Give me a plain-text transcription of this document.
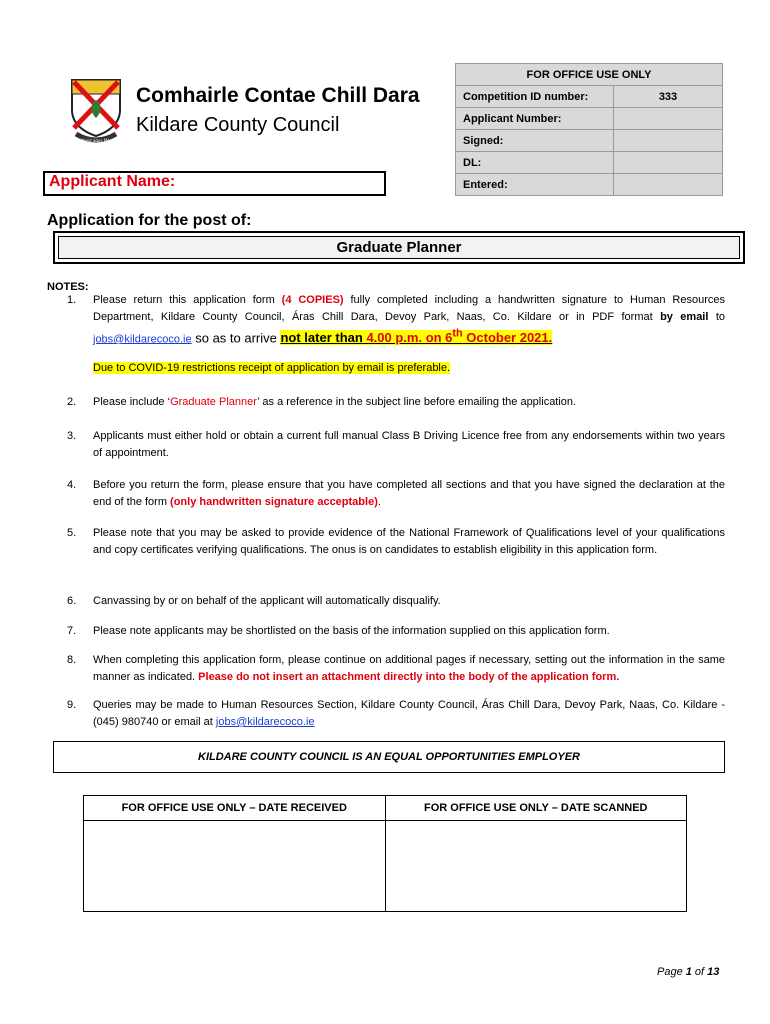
Meitheal agus Mórtas
Comhairle Contae Chill Dara
Kildare County Council
FOR OFFICE USE ONLY	
Competition ID number:	333
Applicant Number:	
Signed:	
DL:	
Entered:	
Applicant Name:
Application for the post of:
Graduate Planner
NOTES:
1. Please return this application form (4 COPIES) fully completed including a handwritten signature to Human Resources Department, Kildare County Council, Áras Chill Dara, Devoy Park, Naas, Co. Kildare or in PDF format by email to jobs@kildarecoco.ie so as to arrive not later than 4.00 p.m. on 6th October 2021.
Due to COVID-19 restrictions receipt of application by email is preferable.
2. Please include ‘Graduate Planner’ as a reference in the subject line before emailing the application.
3. Applicants must either hold or obtain a current full manual Class B Driving Licence free from any endorsements within two years of appointment.
4. Before you return the form, please ensure that you have completed all sections and that you have signed the declaration at the end of the form (only handwritten signature acceptable).
5. Please note that you may be asked to provide evidence of the National Framework of Qualifications level of your qualifications and copy certificates verifying qualifications. The onus is on candidates to establish eligibility in this application form.
6. Canvassing by or on behalf of the applicant will automatically disqualify.
7. Please note applicants may be shortlisted on the basis of the information supplied on this application form.
8. When completing this application form, please continue on additional pages if necessary, setting out the information in the same manner as indicated. Please do not insert an attachment directly into the body of the application form.
9. Queries may be made to Human Resources Section, Kildare County Council, Áras Chill Dara, Devoy Park, Naas, Co. Kildare - (045) 980740 or email at jobs@kildarecoco.ie
KILDARE COUNTY COUNCIL IS AN EQUAL OPPORTUNITIES EMPLOYER
FOR OFFICE USE ONLY – DATE RECEIVED	FOR OFFICE USE ONLY – DATE SCANNED

Page 1 of 13
